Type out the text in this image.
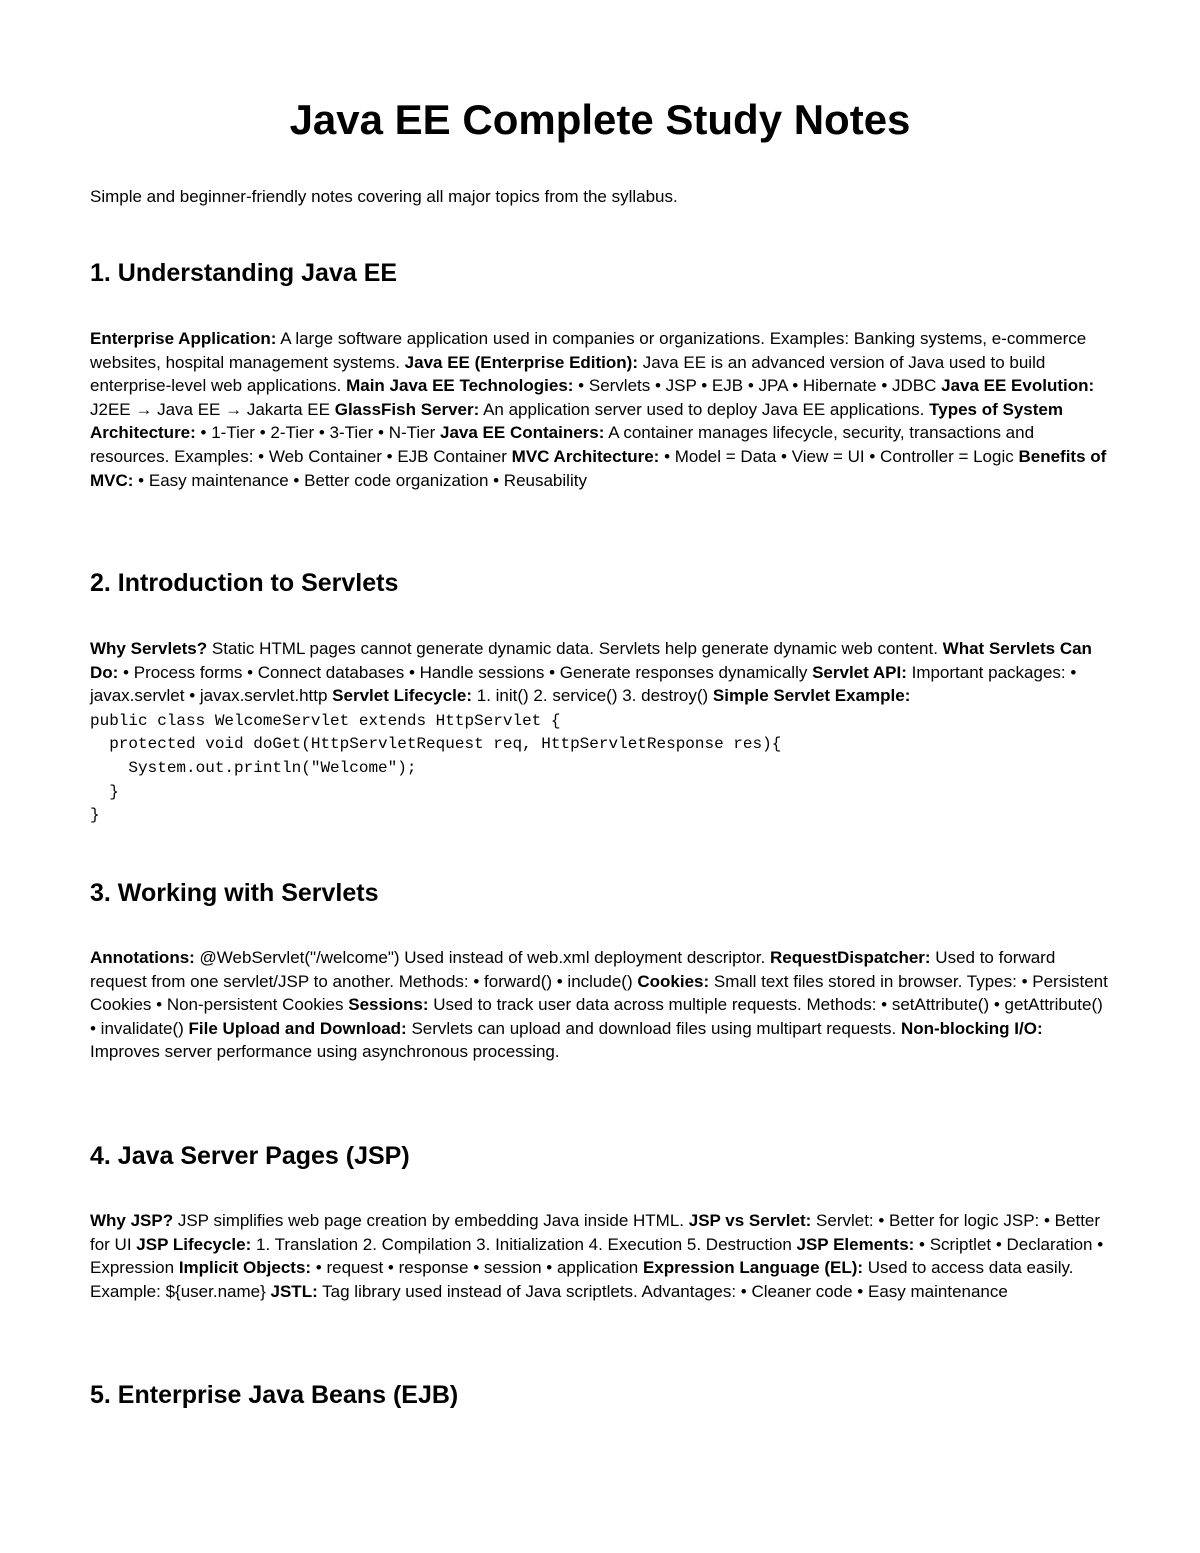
Java EE Complete Study Notes

Simple and beginner-friendly notes covering all major topics from the syllabus.

1. Understanding Java EE

Enterprise Application: A large software application used in companies or organizations. Examples: Banking systems, e-commerce websites, hospital management systems. Java EE (Enterprise Edition): Java EE is an advanced version of Java used to build enterprise-level web applications. Main Java EE Technologies: • Servlets • JSP • EJB • JPA • Hibernate • JDBC Java EE Evolution: J2EE → Java EE → Jakarta EE GlassFish Server: An application server used to deploy Java EE applications. Types of System Architecture: • 1-Tier • 2-Tier • 3-Tier • N-Tier Java EE Containers: A container manages lifecycle, security, transactions and resources. Examples: • Web Container • EJB Container MVC Architecture: • Model = Data • View = UI • Controller = Logic Benefits of MVC: • Easy maintenance • Better code organization • Reusability

2. Introduction to Servlets
Why Servlets? Static HTML pages cannot generate dynamic data. Servlets help generate dynamic web content. What Servlets Can Do: • Process forms • Connect databases • Handle sessions • Generate responses dynamically Servlet API: Important packages: • javax.servlet • javax.servlet.http Servlet Lifecycle: 1. init() 2. service() 3. destroy() Simple Servlet Example: public class WelcomeServlet extends HttpServlet {
protected void doGet(HttpServletRequest req, HttpServletResponse res){
System.out.println("Welcome");
}
}
3. Working with Servlets

Annotations: @WebServlet("/welcome") Used instead of web.xml deployment descriptor. RequestDispatcher: Used to forward request from one servlet/JSP to another. Methods: • forward() • include() Cookies: Small text files stored in browser. Types: • Persistent Cookies • Non-persistent Cookies Sessions: Used to track user data across multiple requests. Methods: • setAttribute() • getAttribute() • invalidate() File Upload and Download: Servlets can upload and download files using multipart requests. Non-blocking I/O: Improves server performance using asynchronous processing.

4. Java Server Pages (JSP)

Why JSP? JSP simplifies web page creation by embedding Java inside HTML. JSP vs Servlet: Servlet: • Better for logic JSP: • Better for UI JSP Lifecycle: 1. Translation 2. Compilation 3. Initialization 4. Execution 5. Destruction JSP Elements: • Scriptlet • Declaration • Expression Implicit Objects: • request • response • session • application Expression Language (EL): Used to access data easily. Example: ${user.name} JSTL: Tag library used instead of Java scriptlets. Advantages: • Cleaner code • Easy maintenance

5. Enterprise Java Beans (EJB)
